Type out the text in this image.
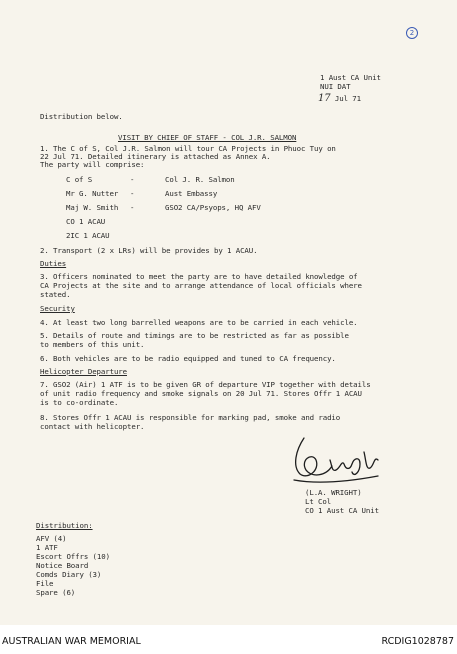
2
1 Aust CA Unit
NUI DAT
17 Jul 71
Distribution below.
VISIT BY CHIEF OF STAFF - COL J.R. SALMON
1. The C of S, Col J.R. Salmon will tour CA Projects in Phuoc Tuy on
22 Jul 71. Detailed itinerary is attached as Annex A.
The party will comprise:
C of S	-	Col J. R. Salmon
Mr G. Nutter -	Aust Embassy
Maj W. Smith -	GSO2 CA/Psyops, HQ AFV
CO 1 ACAU
2IC 1 ACAU
2. Transport (2 x LRs) will be provides by 1 ACAU.
Duties
3. Officers nominated to meet the party are to have detailed knowledge of
CA Projects at the site and to arrange attendance of local officials where
stated.
Security
4. At least two long barrelled weapons are to be carried in each vehicle.
5. Details of route and timings are to be restricted as far as possible
to members of this unit.
6. Both vehicles are to be radio equipped and tuned to CA frequency.
Helicopter Departure
7. GSO2 (Air) 1 ATF is to be given GR of departure VIP together with details
of unit radio frequency and smoke signals on 20 Jul 71. Stores Offr 1 ACAU
is to co-ordinate.
8. Stores Offr 1 ACAU is responsible for marking pad, smoke and radio
contact with helicopter.
(L.A. WRIGHT)
Lt Col
CO 1 Aust CA Unit
Distribution:
AFV (4)
1 ATF
Escort Offrs (10)
Notice Board
Comds Diary (3)
File
Spare (6)
AUSTRALIAN WAR MEMORIAL	RCDIG1028787
